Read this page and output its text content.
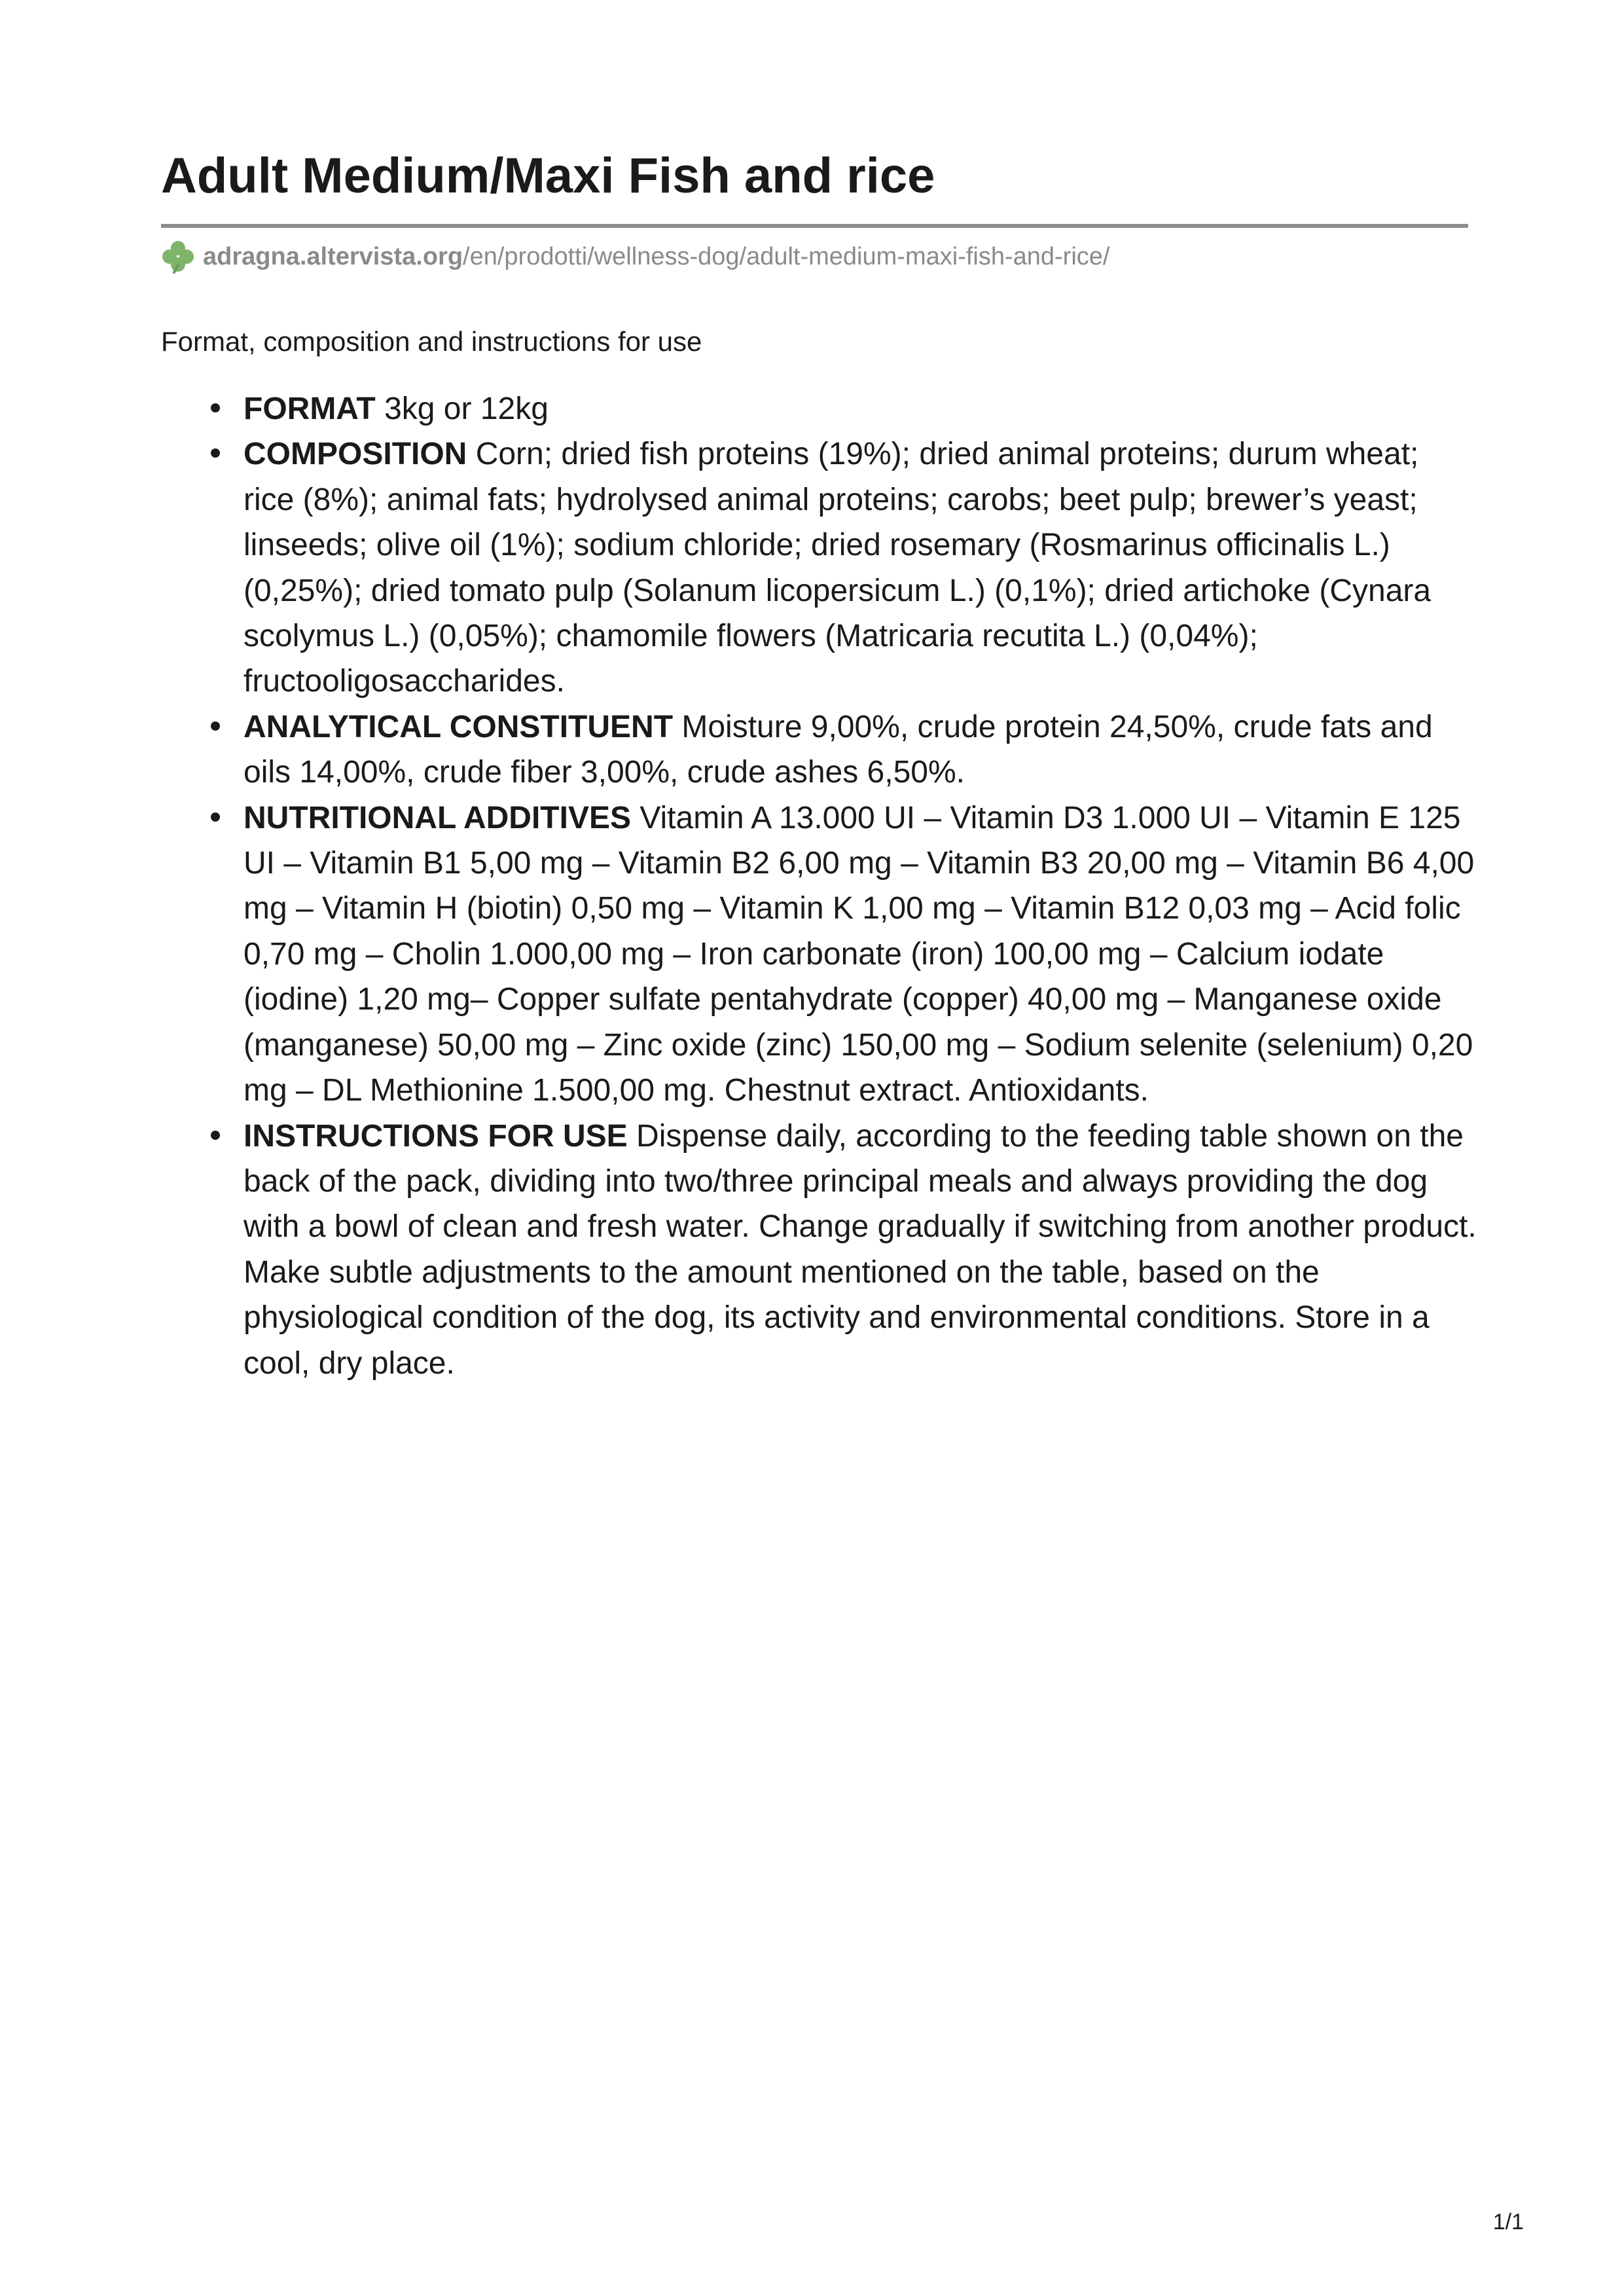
Adult Medium/Maxi Fish and rice
adragna.altervista.org /en/prodotti/wellness-dog/adult-medium-maxi-fish-and-rice/

Format, composition and instructions for use

FORMAT 3kg or 12kg
COMPOSITION Corn; dried fish proteins (19%); dried animal proteins; durum wheat; rice (8%); animal fats; hydrolysed animal proteins; carobs; beet pulp; brewer’s yeast; linseeds; olive oil (1%); sodium chloride; dried rosemary (Rosmarinus officinalis L.) (0,25%); dried tomato pulp (Solanum licopersicum L.) (0,1%); dried artichoke (Cynara scolymus L.) (0,05%); chamomile flowers (Matricaria recutita L.) (0,04%); fructooligosaccharides.
ANALYTICAL CONSTITUENT Moisture 9,00%, crude protein 24,50%, crude fats and oils 14,00%, crude fiber 3,00%, crude ashes 6,50%.
NUTRITIONAL ADDITIVES Vitamin A 13.000 UI – Vitamin D3 1.000 UI – Vitamin E 125 UI – Vitamin B1 5,00 mg – Vitamin B2 6,00 mg – Vitamin B3 20,00 mg – Vitamin B6 4,00 mg – Vitamin H (biotin) 0,50 mg – Vitamin K 1,00 mg – Vitamin B12 0,03 mg – Acid folic 0,70 mg – Cholin 1.000,00 mg – Iron carbonate (iron) 100,00 mg – Calcium iodate (iodine) 1,20 mg– Copper sulfate pentahydrate (copper) 40,00 mg – Manganese oxide (manganese) 50,00 mg – Zinc oxide (zinc) 150,00 mg – Sodium selenite (selenium) 0,20 mg – DL Methionine 1.500,00 mg. Chestnut extract. Antioxidants.
INSTRUCTIONS FOR USE Dispense daily, according to the feeding table shown on the back of the pack, dividing into two/three principal meals and always providing the dog with a bowl of clean and fresh water. Change gradually if switching from another product. Make subtle adjustments to the amount mentioned on the table, based on the physiological condition of the dog, its activity and environmental conditions. Store in a cool, dry place.
1/1
